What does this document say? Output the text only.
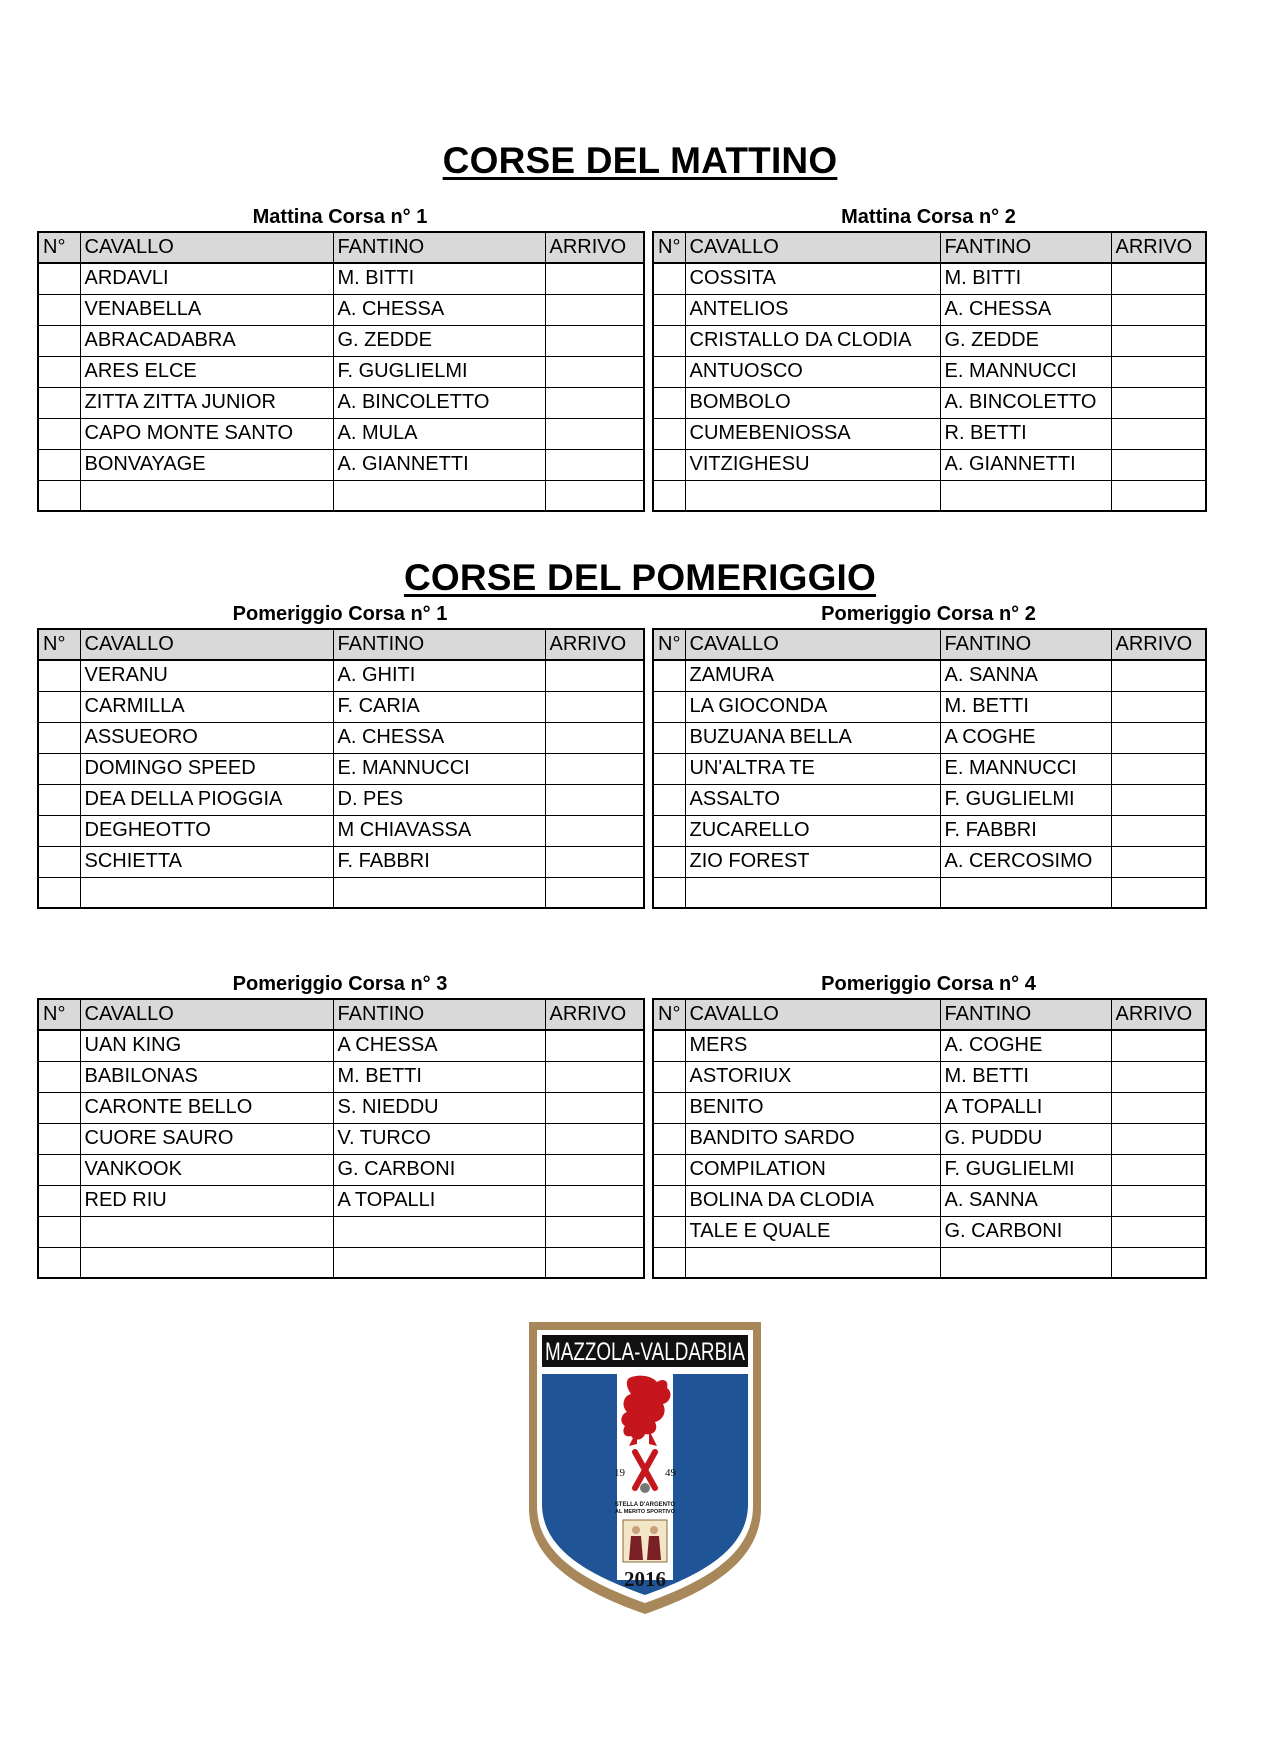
CORSE DEL MATTINO
Mattina Corsa n° 1
N°	CAVALLO	FANTINO	ARRIVO
	ARDAVLI	M. BITTI	
	VENABELLA	A. CHESSA	
	ABRACADABRA	G. ZEDDE	
	ARES ELCE	F. GUGLIELMI	
	ZITTA ZITTA JUNIOR	A. BINCOLETTO	
	CAPO MONTE SANTO	A. MULA	
	BONVAYAGE	A. GIANNETTI	

Mattina Corsa n° 2
N°	CAVALLO	FANTINO	ARRIVO
	COSSITA	M. BITTI	
	ANTELIOS	A. CHESSA	
	CRISTALLO DA CLODIA	G. ZEDDE	
	ANTUOSCO	E. MANNUCCI	
	BOMBOLO	A. BINCOLETTO	
	CUMEBENIOSSA	R. BETTI	
	VITZIGHESU	A. GIANNETTI	

CORSE DEL POMERIGGIO
Pomeriggio Corsa n° 1
N°	CAVALLO	FANTINO	ARRIVO
	VERANU	A. GHITI	
	CARMILLA	F. CARIA	
	ASSUEORO	A. CHESSA	
	DOMINGO SPEED	E. MANNUCCI	
	DEA DELLA PIOGGIA	D. PES	
	DEGHEOTTO	M CHIAVASSA	
	SCHIETTA	F. FABBRI	

Pomeriggio Corsa n° 2
N°	CAVALLO	FANTINO	ARRIVO
	ZAMURA	A. SANNA	
	LA GIOCONDA	M. BETTI	
	BUZUANA BELLA	A COGHE	
	UN'ALTRA TE	E. MANNUCCI	
	ASSALTO	F. GUGLIELMI	
	ZUCARELLO	F. FABBRI	
	ZIO FOREST	A. CERCOSIMO	

Pomeriggio Corsa n° 3
N°	CAVALLO	FANTINO	ARRIVO
	UAN KING	A CHESSA	
	BABILONAS	M. BETTI	
	CARONTE BELLO	S. NIEDDU	
	CUORE SAURO	V. TURCO	
	VANKOOK	G. CARBONI	
	RED RIU	A TOPALLI	

Pomeriggio Corsa n° 4
N°	CAVALLO	FANTINO	ARRIVO
	MERS	A. COGHE	
	ASTORIUX	M. BETTI	
	BENITO	A TOPALLI	
	BANDITO SARDO	G. PUDDU	
	COMPILATION	F. GUGLIELMI	
	BOLINA DA CLODIA	A. SANNA	
	TALE E QUALE	G. CARBONI	

MAZZOLA-VALDARBIA
19	49
STELLA D'ARGENTO
AL MERITO SPORTIVO
2016
